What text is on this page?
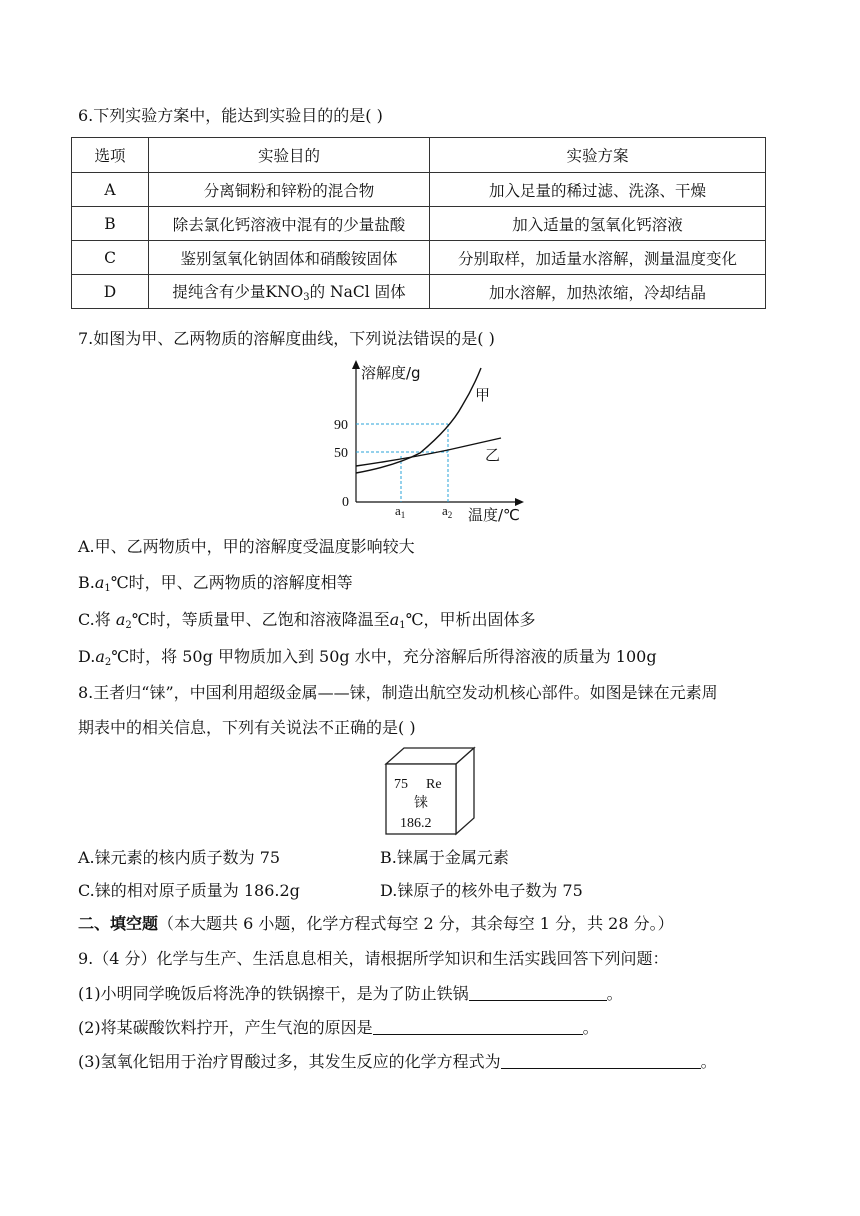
6.下列实验方案中，能达到实验目的的是( )
选项	实验目的	实验方案
A	分离铜粉和锌粉的混合物	加入足量的稀过滤、洗涤、干燥
B	除去氯化钙溶液中混有的少量盐酸	加入适量的氢氧化钙溶液
C	鉴别氢氧化钠固体和硝酸铵固体	分别取样，加适量水溶解，测量温度变化
D	提纯含有少量$KNO_3$的 NaCl 固体	加水溶解，加热浓缩，冷却结晶
7.如图为甲、乙两物质的溶解度曲线，下列说法错误的是( )
溶解度/g
甲
乙
90
50
0
$a_1$	$a_2$ 温度/℃
A.甲、乙两物质中，甲的溶解度受温度影响较大
$B.a_1℃$时，甲、乙两物质的溶解度相等
C.将 $a_2℃$时，等质量甲、乙饱和溶液降温至$a_1℃$，甲析出固体多
$D.a_2℃$时，将 50g 甲物质加入到 50g 水中，充分溶解后所得溶液的质量为 100g
8.王者归“铼”，中国利用超级金属——铼，制造出航空发动机核心部件。如图是铼在元素周
期表中的相关信息，下列有关说法不正确的是( )
75 Re
铼
186.2
A.铼元素的核内质子数为 75	B.铼属于金属元素
C.铼的相对原子质量为 186.2g	D.铼原子的核外电子数为 75
二、填空题（本大题共 6 小题，化学方程式每空 2 分，其余每空 1 分，共 28 分。）
9.（4 分）化学与生产、生活息息相关，请根据所学知识和生活实践回答下列问题：
(1)小明同学晚饭后将洗净的铁锅擦干，是为了防止铁锅	。
(2)将某碳酸饮料拧开，产生气泡的原因是	。
(3)氢氧化铝用于治疗胃酸过多，其发生反应的化学方程式为	。
